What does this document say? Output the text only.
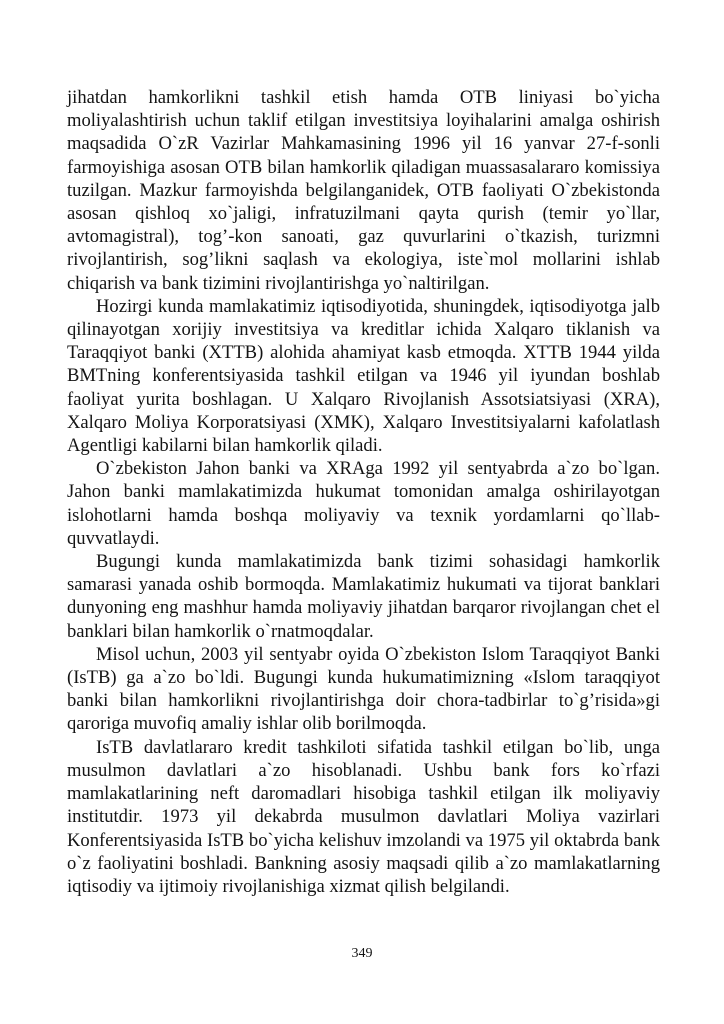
jihatdan hamkorlikni tashkil etish hamda OTB liniyasi bo`yicha moliyalashtirish uchun taklif etilgan investitsiya loyihalarini amalga oshirish maqsadida O`zR Vazirlar Mahkamasining 1996 yil 16 yanvar 27-f-sonli farmoyishiga asosan OTB bilan hamkorlik qiladigan muassasalararo komissiya tuzilgan. Mazkur farmoyishda belgilanganidek, OTB faoliyati O`zbekistonda asosan qishloq xo`jaligi, infratuzilmani qayta qurish (temir yo`llar, avtomagistral), tog’-kon sanoati, gaz quvurlarini o`tkazish, turizmni rivojlantirish, sog’likni saqlash va ekologiya, iste`mol mollarini ishlab chiqarish va bank tizimini rivojlantirishga yo`naltirilgan.

Hozirgi kunda mamlakatimiz iqtisodiyotida, shuningdek, iqtisodiyotga jalb qilinayotgan xorijiy investitsiya va kreditlar ichida Xalqaro tiklanish va Taraqqiyot banki (XTTB) alohida ahamiyat kasb etmoqda. XTTB 1944 yilda BMTning konferentsiyasida tashkil etilgan va 1946 yil iyundan boshlab faoliyat yurita boshlagan. U Xalqaro Rivojlanish Assotsiatsiyasi (XRA), Xalqaro Moliya Korporatsiyasi (XMK), Xalqaro Investitsiyalarni kafolatlash Agentligi kabilarni bilan hamkorlik qiladi.

O`zbekiston Jahon banki va XRAga 1992 yil sentyabrda a`zo bo`lgan. Jahon banki mamlakatimizda hukumat tomonidan amalga oshirilayotgan islohotlarni hamda boshqa moliyaviy va texnik yordamlarni qo`llab-quvvatlaydi.

Bugungi kunda mamlakatimizda bank tizimi sohasidagi hamkorlik samarasi yanada oshib bormoqda. Mamlakatimiz hukumati va tijorat banklari dunyoning eng mashhur hamda moliyaviy jihatdan barqaror rivojlangan chet el banklari bilan hamkorlik o`rnatmoqdalar.

Misol uchun, 2003 yil sentyabr oyida O`zbekiston Islom Taraqqiyot Banki (IsTB) ga a`zo bo`ldi. Bugungi kunda hukumatimizning «Islom taraqqiyot banki bilan hamkorlikni rivojlantirishga doir chora-tadbirlar to`g’risida»gi qaroriga muvofiq amaliy ishlar olib borilmoqda.

IsTB davlatlararo kredit tashkiloti sifatida tashkil etilgan bo`lib, unga musulmon davlatlari a`zo hisoblanadi. Ushbu bank fors ko`rfazi mamlakatlarining neft daromadlari hisobiga tashkil etilgan ilk moliyaviy institutdir. 1973 yil dekabrda musulmon davlatlari Moliya vazirlari Konferentsiyasida IsTB bo`yicha kelishuv imzolandi va 1975 yil oktabrda bank o`z faoliyatini boshladi. Bankning asosiy maqsadi qilib a`zo mamlakatlarning iqtisodiy va ijtimoiy rivojlanishiga xizmat qilish belgilandi.

349
